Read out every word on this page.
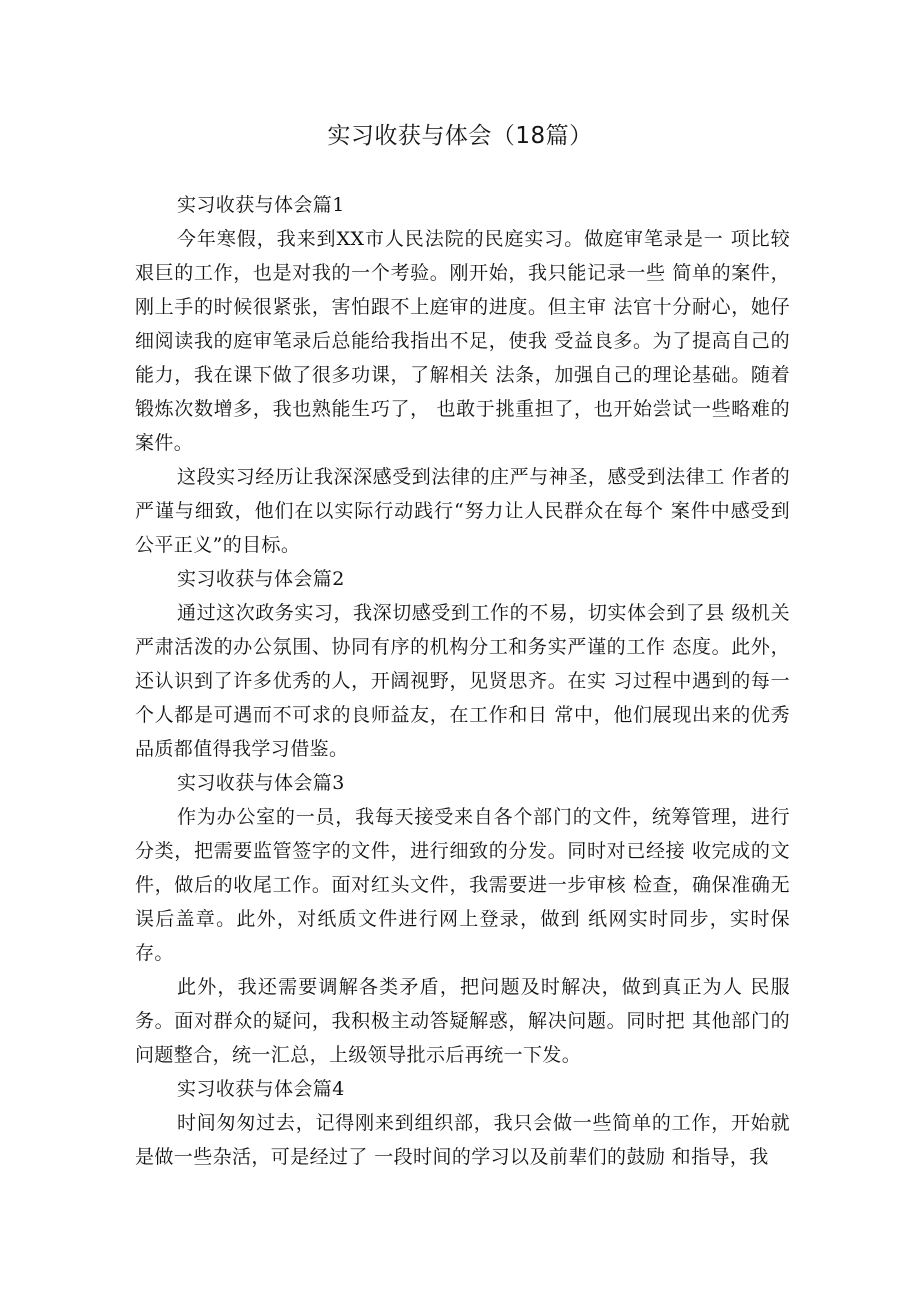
实习收获与体会（18篇）

实习收获与体会篇1

今年寒假，我来到XX市人民法院的民庭实习。做庭审笔录是一 项比较艰巨的工作，也是对我的一个考验。刚开始，我只能记录一些 简单的案件，刚上手的时候很紧张，害怕跟不上庭审的进度。但主审 法官十分耐心，她仔细阅读我的庭审笔录后总能给我指出不足，使我 受益良多。为了提高自己的能力，我在课下做了很多功课，了解相关 法条，加强自己的理论基础。随着锻炼次数增多，我也熟能生巧了， 也敢于挑重担了，也开始尝试一些略难的案件。

这段实习经历让我深深感受到法律的庄严与神圣，感受到法律工 作者的严谨与细致，他们在以实际行动践行“努力让人民群众在每个 案件中感受到公平正义”的目标。

实习收获与体会篇2

通过这次政务实习，我深切感受到工作的不易，切实体会到了县 级机关严肃活泼的办公氛围、协同有序的机构分工和务实严谨的工作 态度。此外，还认识到了许多优秀的人，开阔视野，见贤思齐。在实 习过程中遇到的每一个人都是可遇而不可求的良师益友，在工作和日 常中，他们展现出来的优秀品质都值得我学习借鉴。

实习收获与体会篇3

作为办公室的一员，我每天接受来自各个部门的文件，统筹管理，进行分类，把需要监管签字的文件，进行细致的分发。同时对已经接 收完成的文件，做后的收尾工作。面对红头文件，我需要进一步审核 检查，确保准确无误后盖章。此外，对纸质文件进行网上登录，做到 纸网实时同步，实时保存。

此外，我还需要调解各类矛盾，把问题及时解决，做到真正为人 民服务。面对群众的疑问，我积极主动答疑解惑，解决问题。同时把 其他部门的问题整合，统一汇总，上级领导批示后再统一下发。

实习收获与体会篇4

时间匆匆过去，记得刚来到组织部，我只会做一些简单的工作，开始就是做一些杂活，可是经过了 一段时间的学习以及前辈们的鼓励 和指导，我
